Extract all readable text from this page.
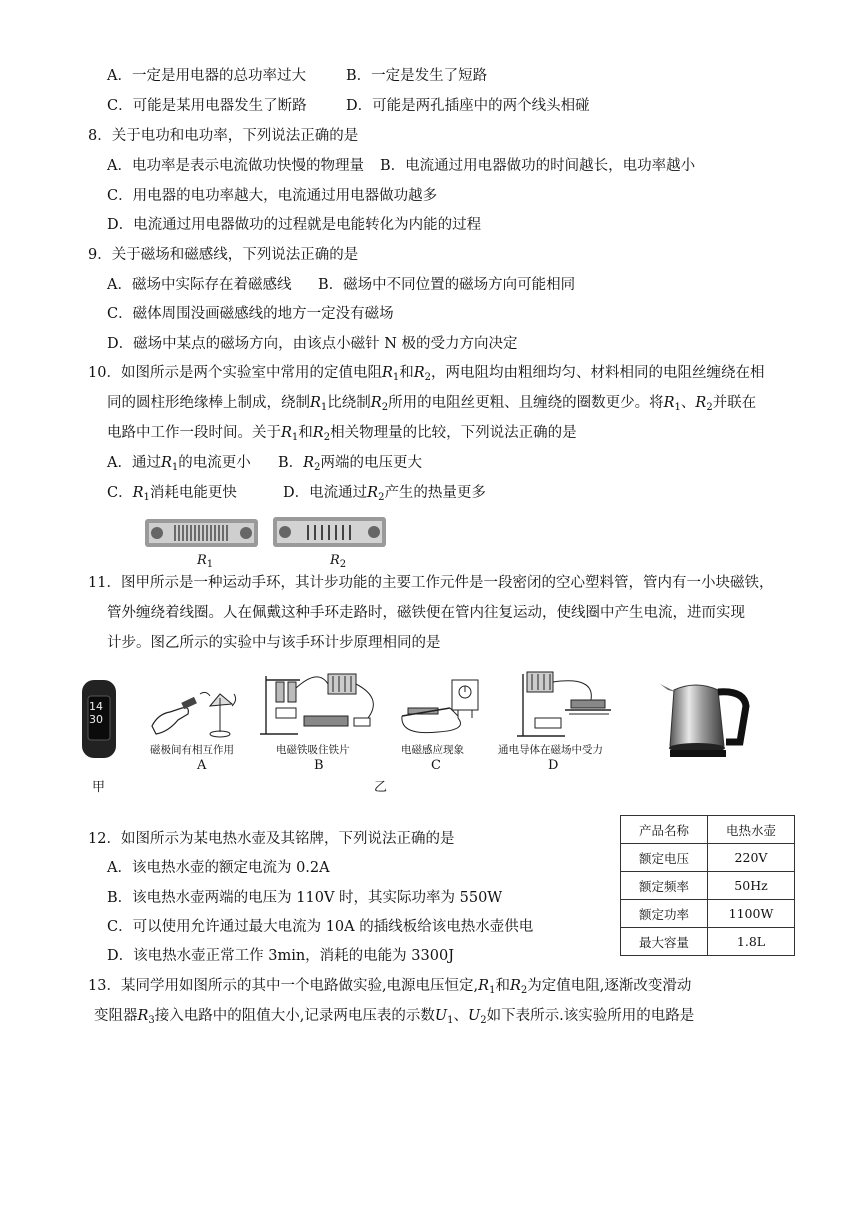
A．一定是用电器的总功率过大	B．一定是发生了短路
C．可能是某用电器发生了断路	D．可能是两孔插座中的两个线头相碰
8．关于电功和电功率，下列说法正确的是
A．电功率是表示电流做功快慢的物理量 B．电流通过用电器做功的时间越长，电功率越小
C．用电器的电功率越大，电流通过用电器做功越多
D．电流通过用电器做功的过程就是电能转化为内能的过程
9．关于磁场和磁感线，下列说法正确的是
A．磁场中实际存在着磁感线 B．磁场中不同位置的磁场方向可能相同
C．磁体周围没画磁感线的地方一定没有磁场
D．磁场中某点的磁场方向，由该点小磁针 N 极的受力方向决定
10．如图所示是两个实验室中常用的定值电阻$R_1$和$R_2$，两电阻均由粗细均匀、材料相同的电阻丝缠绕在相
同的圆柱形绝缘棒上制成，绕制$R_1$比绕制$R_2$所用的电阻丝更粗、且缠绕的圈数更少。将$R_1$、$R_2$并联在
电路中工作一段时间。关于$R_1$和$R_2$相关物理量的比较，下列说法正确的是
A．通过$R_1$的电流更小 B．$R_2$两端的电压更大
C．$R_1$消耗电能更快	D．电流通过$R_2$产生的热量更多
$R_1$	$R_2$
11．图甲所示是一种运动手环，其计步功能的主要工作元件是一段密闭的空心塑料管，管内有一小块磁铁，
管外缠绕着线圈。人在佩戴这种手环走路时，磁铁便在管内往复运动，使线圈中产生电流，进而实现
计步。图乙所示的实验中与该手环计步原理相同的是
14
30
甲
磁极间有相互作用
A
电磁铁吸住铁片
B
电磁感应现象
C
通电导体在磁场中受力
D
乙
12．如图所示为某电热水壶及其铭牌，下列说法正确的是
A．该电热水壶的额定电流为 0.2A
B．该电热水壶两端的电压为 110V 时，其实际功率为 550W
C．可以使用允许通过最大电流为 10A 的插线板给该电热水壶供电
D．该电热水壶正常工作 3min，消耗的电能为 3300J
产品名称	电热水壶
额定电压	220V
额定频率	50Hz
额定功率	1100W
最大容量	1.8L
13．某同学用如图所示的其中一个电路做实验,电源电压恒定$,R_1$和$R_2$为定值电阻,逐渐改变滑动
变阻器$R_3$接入电路中的阻值大小,记录两电压表的示数$U_1$、$U_2$如下表所示.该实验所用的电路是
